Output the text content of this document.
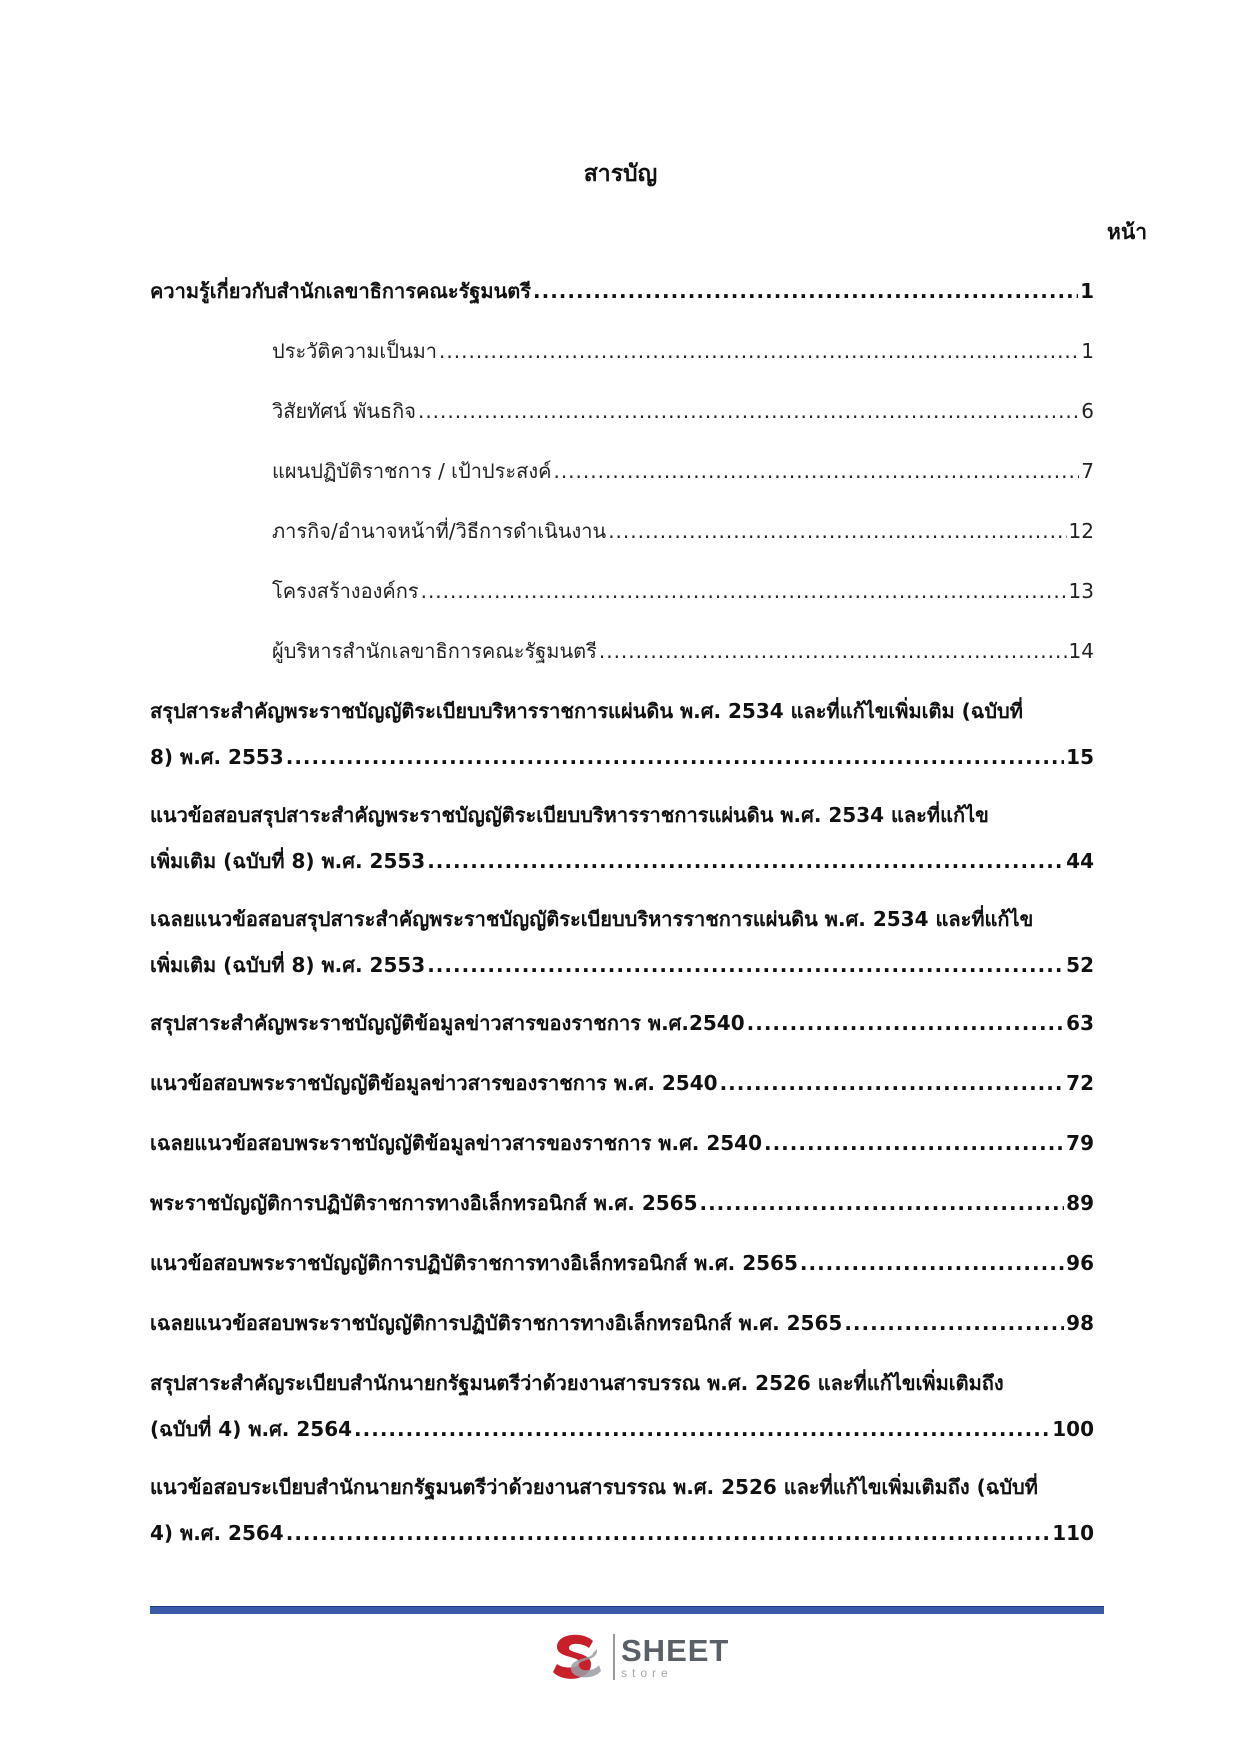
สารบัญ
หน้า
ความรู้เกี่ยวกับสำนักเลขาธิการคณะรัฐมนตรี .....	1
ประวัติความเป็นมา .....	1
วิสัยทัศน์ พันธกิจ .....	6
แผนปฏิบัติราชการ / เป้าประสงค์ .....	7
ภารกิจ/อำนาจหน้าที่/วิธีการดำเนินงาน .....	12
โครงสร้างองค์กร .....	13
ผู้บริหารสำนักเลขาธิการคณะรัฐมนตรี .....	14
สรุปสาระสำคัญพระราชบัญญัติระเบียบบริหารราชการแผ่นดิน พ.ศ. 2534 และที่แก้ไขเพิ่มเติม (ฉบับที่
8) พ.ศ. 2553 .....	15
แนวข้อสอบสรุปสาระสำคัญพระราชบัญญัติระเบียบบริหารราชการแผ่นดิน พ.ศ. 2534 และที่แก้ไข
เพิ่มเติม (ฉบับที่ 8) พ.ศ. 2553 .....	44
เฉลยแนวข้อสอบสรุปสาระสำคัญพระราชบัญญัติระเบียบบริหารราชการแผ่นดิน พ.ศ. 2534 และที่แก้ไข
เพิ่มเติม (ฉบับที่ 8) พ.ศ. 2553 .....	52
สรุปสาระสำคัญพระราชบัญญัติข้อมูลข่าวสารของราชการ พ.ศ.2540 .....	63
แนวข้อสอบพระราชบัญญัติข้อมูลข่าวสารของราชการ พ.ศ. 2540 .....	72
เฉลยแนวข้อสอบพระราชบัญญัติข้อมูลข่าวสารของราชการ พ.ศ. 2540 .....	79
พระราชบัญญัติการปฏิบัติราชการทางอิเล็กทรอนิกส์ พ.ศ. 2565 .....	89
แนวข้อสอบพระราชบัญญัติการปฏิบัติราชการทางอิเล็กทรอนิกส์ พ.ศ. 2565 .....	96
เฉลยแนวข้อสอบพระราชบัญญัติการปฏิบัติราชการทางอิเล็กทรอนิกส์ พ.ศ. 2565 .....	98
สรุปสาระสำคัญระเบียบสำนักนายกรัฐมนตรีว่าด้วยงานสารบรรณ พ.ศ. 2526 และที่แก้ไขเพิ่มเติมถึง
(ฉบับที่ 4) พ.ศ. 2564 .....	100
แนวข้อสอบระเบียบสำนักนายกรัฐมนตรีว่าด้วยงานสารบรรณ พ.ศ. 2526 และที่แก้ไขเพิ่มเติมถึง (ฉบับที่
4) พ.ศ. 2564 .....	110
SHEET
store
